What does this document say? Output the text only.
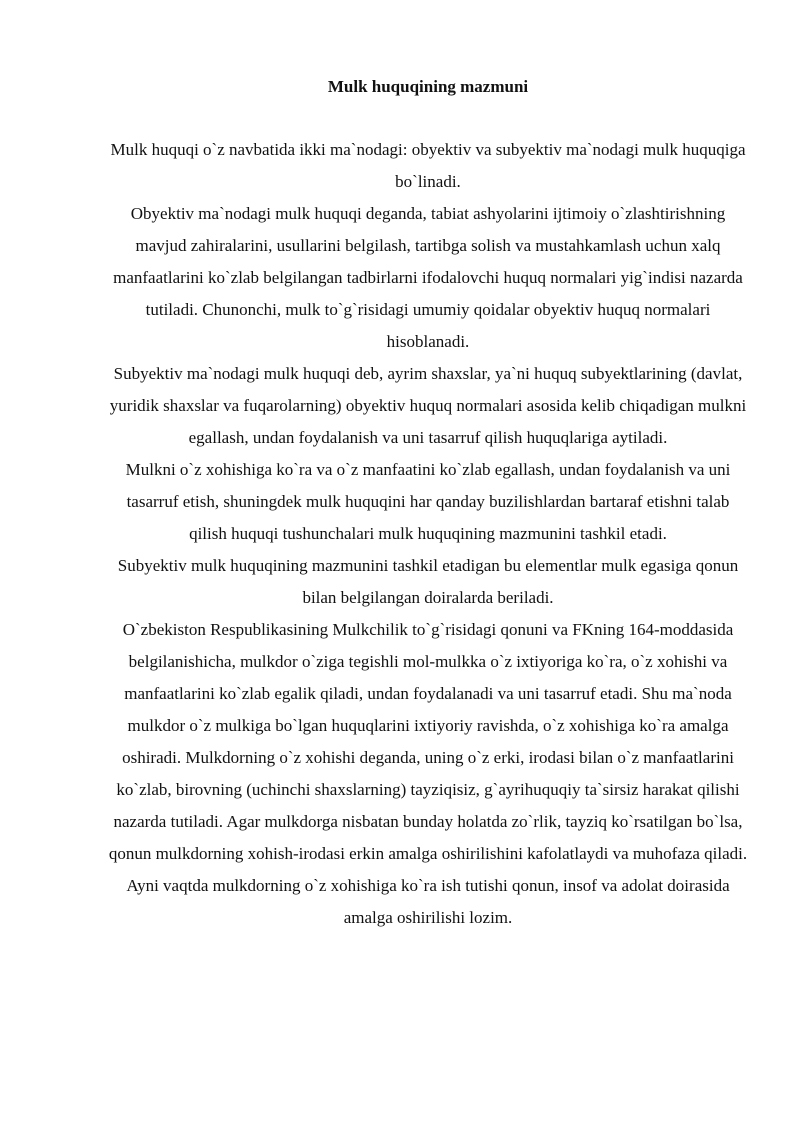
Mulk huquqining mazmuni

Mulk huquqi o`z navbatida ikki ma`nodagi: obyektiv va subyektiv ma`nodagi mulk huquqiga bo`linadi.

Obyektiv ma`nodagi mulk huquqi deganda, tabiat ashyolarini ijtimoiy o`zlashtirishning mavjud zahiralarini, usullarini belgilash, tartibga solish va mustahkamlash uchun xalq manfaatlarini ko`zlab belgilangan tadbirlarni ifodalovchi huquq normalari yig`indisi nazarda tutiladi. Chunonchi, mulk to`g`risidagi umumiy qoidalar obyektiv huquq normalari hisoblanadi.

Subyektiv ma`nodagi mulk huquqi deb, ayrim shaxslar, ya`ni huquq subyektlarining (davlat, yuridik shaxslar va fuqarolarning) obyektiv huquq normalari asosida kelib chiqadigan mulkni egallash, undan foydalanish va uni tasarruf qilish huquqlariga aytiladi.

Mulkni o`z xohishiga ko`ra va o`z manfaatini ko`zlab egallash, undan foydalanish va uni tasarruf etish, shuningdek mulk huquqini har qanday buzilishlardan bartaraf etishni talab qilish huquqi tushunchalari mulk huquqining mazmunini tashkil etadi.

Subyektiv mulk huquqining mazmunini tashkil etadigan bu elementlar mulk egasiga qonun bilan belgilangan doiralarda beriladi.

O`zbekiston Respublikasining Mulkchilik to`g`risidagi qonuni va FKning 164-moddasida belgilanishicha, mulkdor o`ziga tegishli mol-mulkka o`z ixtiyoriga ko`ra, o`z xohishi va manfaatlarini ko`zlab egalik qiladi, undan foydalanadi va uni tasarruf etadi. Shu ma`noda mulkdor o`z mulkiga bo`lgan huquqlarini ixtiyoriy ravishda, o`z xohishiga ko`ra amalga oshiradi. Mulkdorning o`z xohishi deganda, uning o`z erki, irodasi bilan o`z manfaatlarini ko`zlab, birovning (uchinchi shaxslarning) tayziqisiz, g`ayrihuquqiy ta`sirsiz harakat qilishi nazarda tutiladi. Agar mulkdorga nisbatan bunday holatda zo`rlik, tayziq ko`rsatilgan bo`lsa, qonun mulkdorning xohish-irodasi erkin amalga oshirilishini kafolatlaydi va muhofaza qiladi. Ayni vaqtda mulkdorning o`z xohishiga ko`ra ish tutishi qonun, insof va adolat doirasida amalga oshirilishi lozim.
